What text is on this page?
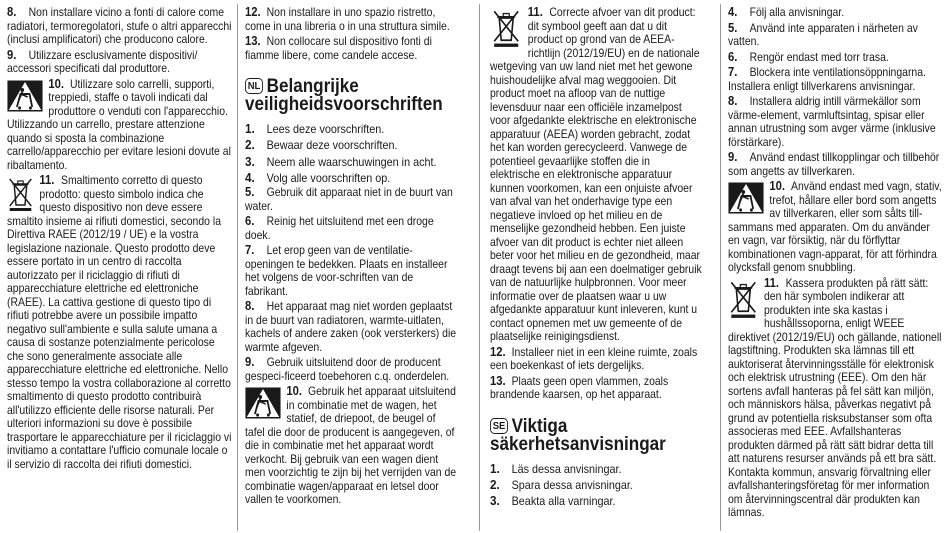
8. Non installare vicino a fonti di calore come radiatori, termoregolatori, stufe o altri apparecchi (inclusi amplificatori) che producono calore.

9. Utilizzare esclusivamente dispositivi/ accessori specificati dal produttore.

10. Utilizzare solo carrelli, supporti, treppiedi, staffe o tavoli indicati dal produttore o venduti con l'apparecchio. Utilizzando un carrello, prestare attenzione quando si sposta la combinazione carrello/apparecchio per evitare lesioni dovute al ribaltamento.

11. Smaltimento corretto di questo prodotto: questo simbolo indica che questo dispositivo non deve essere smaltito insieme ai rifiuti domestici, secondo la Direttiva RAEE (2012/19 / UE) e la vostra legislazione nazionale. Questo prodotto deve essere portato in un centro di raccolta autorizzato per il riciclaggio di rifiuti di apparecchiature elettriche ed elettroniche (RAEE). La cattiva gestione di questo tipo di rifiuti potrebbe avere un possibile impatto negativo sull'ambiente e sulla salute umana a causa di sostanze potenzialmente pericolose che sono generalmente associate alle apparecchiature elettriche ed elettroniche. Nello stesso tempo la vostra collaborazione al corretto smaltimento di questo prodotto contribuirà all'utilizzo efficiente delle risorse naturali. Per ulteriori informazioni su dove è possibile trasportare le apparecchiature per il riciclaggio vi invitiamo a contattare l'ufficio comunale locale o il servizio di raccolta dei rifiuti domestici.

12. Non installare in uno spazio ristretto, come in una libreria o in una struttura simile.

13. Non collocare sul dispositivo fonti di fiamme libere, come candele accese.

NL Belangrijke veiligheidsvoorschriften
1. Lees deze voorschriften.
2. Bewaar deze voorschriften.
3. Neem alle waarschuwingen in acht.
4. Volg alle voorschriften op.

5. Gebruik dit apparaat niet in de buurt van water.

6. Reinig het uitsluitend met een droge doek.

7. Let erop geen van de ventilatie-openingen te bedekken. Plaats en installeer het volgens de voor-schriften van de fabrikant.

8. Het apparaat mag niet worden geplaatst in de buurt van radiatoren, warmte-uitlaten, kachels of andere zaken (ook versterkers) die warmte afgeven.

9. Gebruik uitsluitend door de producent gespeci-ficeerd toebehoren c.q. onderdelen.

10. Gebruik het apparaat uitsluitend in combinatie met de wagen, het statief, de driepoot, de beugel of tafel die door de producent is aangegeven, of die in combinatie met het apparaat wordt verkocht. Bij gebruik van een wagen dient men voorzichtig te zijn bij het verrijden van de combinatie wagen/apparaat en letsel door vallen te voorkomen.

11. Correcte afvoer van dit product: dit symbool geeft aan dat u dit product op grond van de AEEA-richtlijn (2012/19/EU) en de nationale wetgeving van uw land niet met het gewone huishoudelijke afval mag weggooien. Dit product moet na afloop van de nuttige levensduur naar een officiële inzamelpost voor afgedankte elektrische en elektronische apparatuur (AEEA) worden gebracht, zodat het kan worden gerecycleerd. Vanwege de potentieel gevaarlijke stoffen die in elektrische en elektronische apparatuur kunnen voorkomen, kan een onjuiste afvoer van afval van het onderhavige type een negatieve invloed op het milieu en de menselijke gezondheid hebben. Een juiste afvoer van dit product is echter niet alleen beter voor het milieu en de gezondheid, maar draagt tevens bij aan een doelmatiger gebruik van de natuurlijke hulpbronnen. Voor meer informatie over de plaatsen waar u uw afgedankte apparatuur kunt inleveren, kunt u contact opnemen met uw gemeente of de plaatselijke reinigingsdienst.

12. Installeer niet in een kleine ruimte, zoals een boekenkast of iets dergelijks.

13. Plaats geen open vlammen, zoals brandende kaarsen, op het apparaat.

SE Viktiga
säkerhetsanvisningar
1. Läs dessa anvisningar.
2. Spara dessa anvisningar.
3. Beakta alla varningar.

4. Följ alla anvisningar.

5. Använd inte apparaten i närheten av vatten.

6. Rengör endast med torr trasa.

7. Blockera inte ventilationsöppningarna. Installera enligt tillverkarens anvisningar.

8. Installera aldrig intill värmekällor som värme-element, varmluftsintag, spisar eller annan utrustning som avger värme (inklusive förstärkare).

9. Använd endast tillkopplingar och tillbehör som angetts av tillverkaren.

10. Använd endast med vagn, stativ, trefot, hållare eller bord som angetts av tillverkaren, eller som sålts till-sammans med apparaten. Om du använder en vagn, var försiktig, när du förflyttar kombinationen vagn-apparat, för att förhindra olycksfall genom snubbling.

11. Kassera produkten på rätt sätt: den här symbolen indikerar att produkten inte ska kastas i hushållssoporna, enligt WEEE direktivet (2012/19/EU) och gällande, nationell lagstiftning. Produkten ska lämnas till ett auktoriserat återvinningsställe för elektronisk och elektrisk utrustning (EEE). Om den här sortens avfall hanteras på fel sätt kan miljön, och människors hälsa, påverkas negativt på grund av potentiella risksubstanser som ofta associeras med EEE. Avfallshanteras produkten därmed på rätt sätt bidrar detta till att naturens resurser används på ett bra sätt. Kontakta kommun, ansvarig förvaltning eller avfallshanteringsföretag för mer information om återvinningscentral där produkten kan lämnas.
